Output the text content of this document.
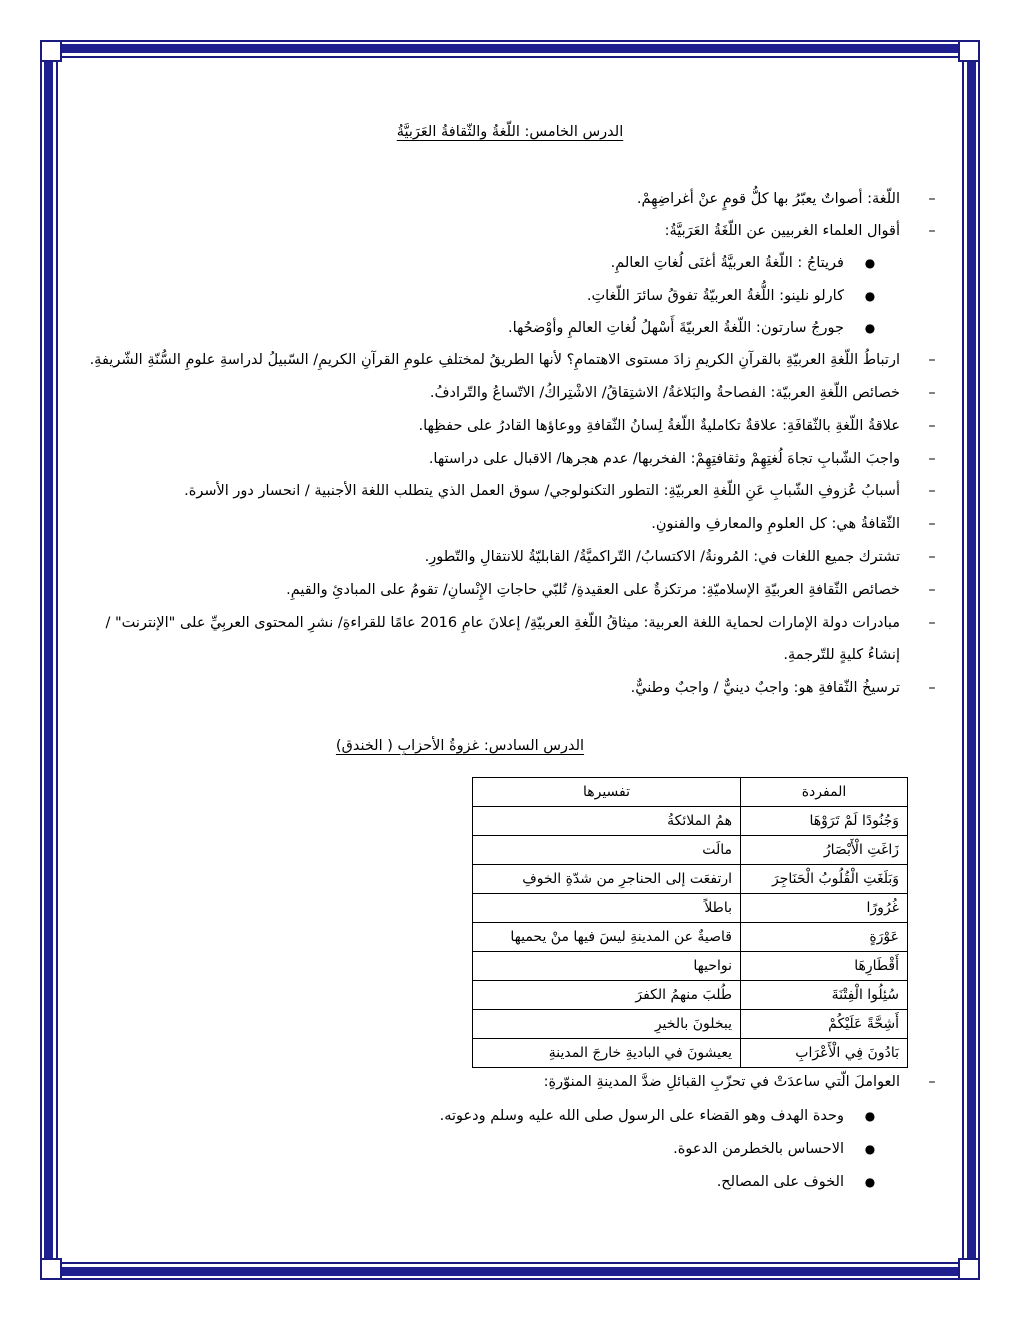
الدرس الخامس: اللّغةُ والثّقافةُ العَرَبيَّةُ
–
اللّغة: أصواتٌ يعبّرُ بها كلُّ قومٍ عنْ أغراضِهِمْ.
–
أقوال العلماء الغربيين عن اللّغَةُ العَرَبيَّةُ:
●
فريتاجُ : اللّغةُ العربيَّةُ أغنَى لُغاتِ العالمِ.
●
كارلو نلينو: اللُّغةُ العربيّةُ تفوقُ سائرَ اللّغاتِ.
●
جورجُ سارتون: اللّغةُ العربيّةَ أَسْهلُ لُغاتِ العالمِ وأوْضحُها.
–
ارتباطُ اللّغةِ العربيّةِ بالقرآنِ الكريمِ زادَ مستوى الاهتمامِ؟ لأنها الطريقُ لمختلفِ علومِ القرآنِ الكريمِ/ السّبيلُ لدراسةِ علومِ السُّنّةِ الشّريفةِ.
–
خصائص اللّغةِ العربيّة: الفصاحةُ والبَلاغةُ/ الاشتِقاقُ/ الاشْتِراكُ/ الاتّساعُ والتّرادفُ.
–
علاقةُ اللّغةِ بالثّقافَةِ: علاقةٌ تكامليةٌ اللّغةُ لِسانُ الثّقافةِ ووعاؤها القادرُ على حفظِها.
–
واجبَ الشّبابِ تجاهَ لُغتِهِمْ وثقافتِهِمْ: الفخربها/ عدم هجرها/ الاقبال على دراستها.
–
أسبابُ عُزوفِ الشّبابِ عَنِ اللّغةِ العربيّةِ: التطور التكنولوجي/ سوق العمل الذي يتطلب اللغة الأجنبية / انحسار دور الأسرة.
–
الثّقافةُ هي: كل العلومِ والمعارفِ والفنونِ.
–
تشترك جميع اللغات في: المُرونةُ/ الاكتسابُ/ التّراكميَّةُ/ القابليّةُ للانتقالِ والتّطورِ.
–
خصائص الثّقافةِ العربيّةِ الإسلاميّةِ: مرتكزةٌ على العقيدةِ/ تُلبّي حاجاتِ الإِنْسانِ/ تقومُ على المبادئِ والقيمِ.
–
مبادرات دولة الإمارات لحماية اللغة العربية: ميثاقُ اللّغةِ العربيّةِ/ إعلانَ عامِ 2016 عامًا للقراءةِ/ نشرِ المحتوى العربِيِّ على "الإنترنت" / إنشاءُ كليةٍ للتّرجمةِ.
–
ترسيخُ الثّقافةِ هو: واجبٌ دينيٌّ / واجبٌ وطنيٌّ.
الدرس السادس: غزوةُ الأحزابِ ( الخندق)
المفردة	تفسيرها
وَجُنُودًا لَمْ تَرَوْهَا	همُ الملائكةُ
زَاغَتِ الْأَبْصَارُ	مالَت
وَبَلَغَتِ الْقُلُوبُ الْحَنَاجِرَ	ارتفعَت إلى الحناجرِ من شدّةِ الخوفِ
غُرُورًا	باطلاً
عَوْرَةٍ	قاصيةٌ عن المدينةِ ليسَ فيها منْ يحميها
أَقْطَارِهَا	نواحيها
سُئِلُوا الْفِتْنَةَ	طُلبَ منهمُ الكفرَ
أَشِحَّةً عَلَيْكُمْ	يبخلونَ بالخيرِ
بَادُونَ فِي الْأَعْرَابِ	يعيشونَ في الباديةِ خارجَ المدينةِ
–
العواملَ الّتي ساعدَتْ في تحزّبِ القبائلِ ضدَّ المدينةِ المنوّرةِ:
●
وحدة الهدف وهو القضاء على الرسول صلى الله عليه وسلم ودعوته.
●
الاحساس بالخطرمن الدعوة.
●
الخوف على المصالح.
